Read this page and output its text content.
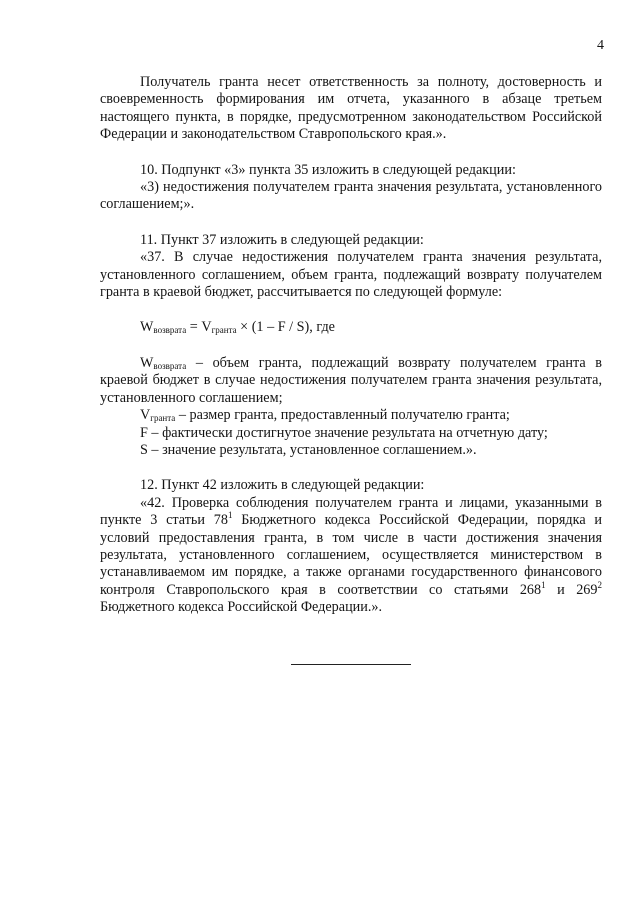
4

Получатель гранта несет ответственность за полноту, достоверность и своевременность формирования им отчета, указанного в абзаце третьем настоящего пункта, в порядке, предусмотренном законодательством Российской Федерации и законодательством Ставропольского края.».

10. Подпункт «3» пункта 35 изложить в следующей редакции:

«3) недостижения получателем гранта значения результата, установленного соглашением;».

11. Пункт 37 изложить в следующей редакции:

«37. В случае недостижения получателем гранта значения результата, установленного соглашением, объем гранта, подлежащий возврату получателем гранта в краевой бюджет, рассчитывается по следующей формуле:

$W_{возврата} = V_{гранта} \times (1 - F / S)$, где

$W_{возврата}$ – объем гранта, подлежащий возврату получателем гранта в краевой бюджет в случае недостижения получателем гранта значения результата, установленного соглашением;

$V_{гранта}$ – размер гранта, предоставленный получателю гранта;

F – фактически достигнутое значение результата на отчетную дату;

S – значение результата, установленное соглашением.».

12. Пункт 42 изложить в следующей редакции:

«42. Проверка соблюдения получателем гранта и лицами, указанными в пункте 3 статьи $78^1$ Бюджетного кодекса Российской Федерации, порядка и условий предоставления гранта, в том числе в части достижения значения результата, установленного соглашением, осуществляется министерством в устанавливаемом им порядке, а также органами государственного финансового контроля Ставропольского края в соответствии со статьями $268^1$ и $269^2$ Бюджетного кодекса Российской Федерации.».
